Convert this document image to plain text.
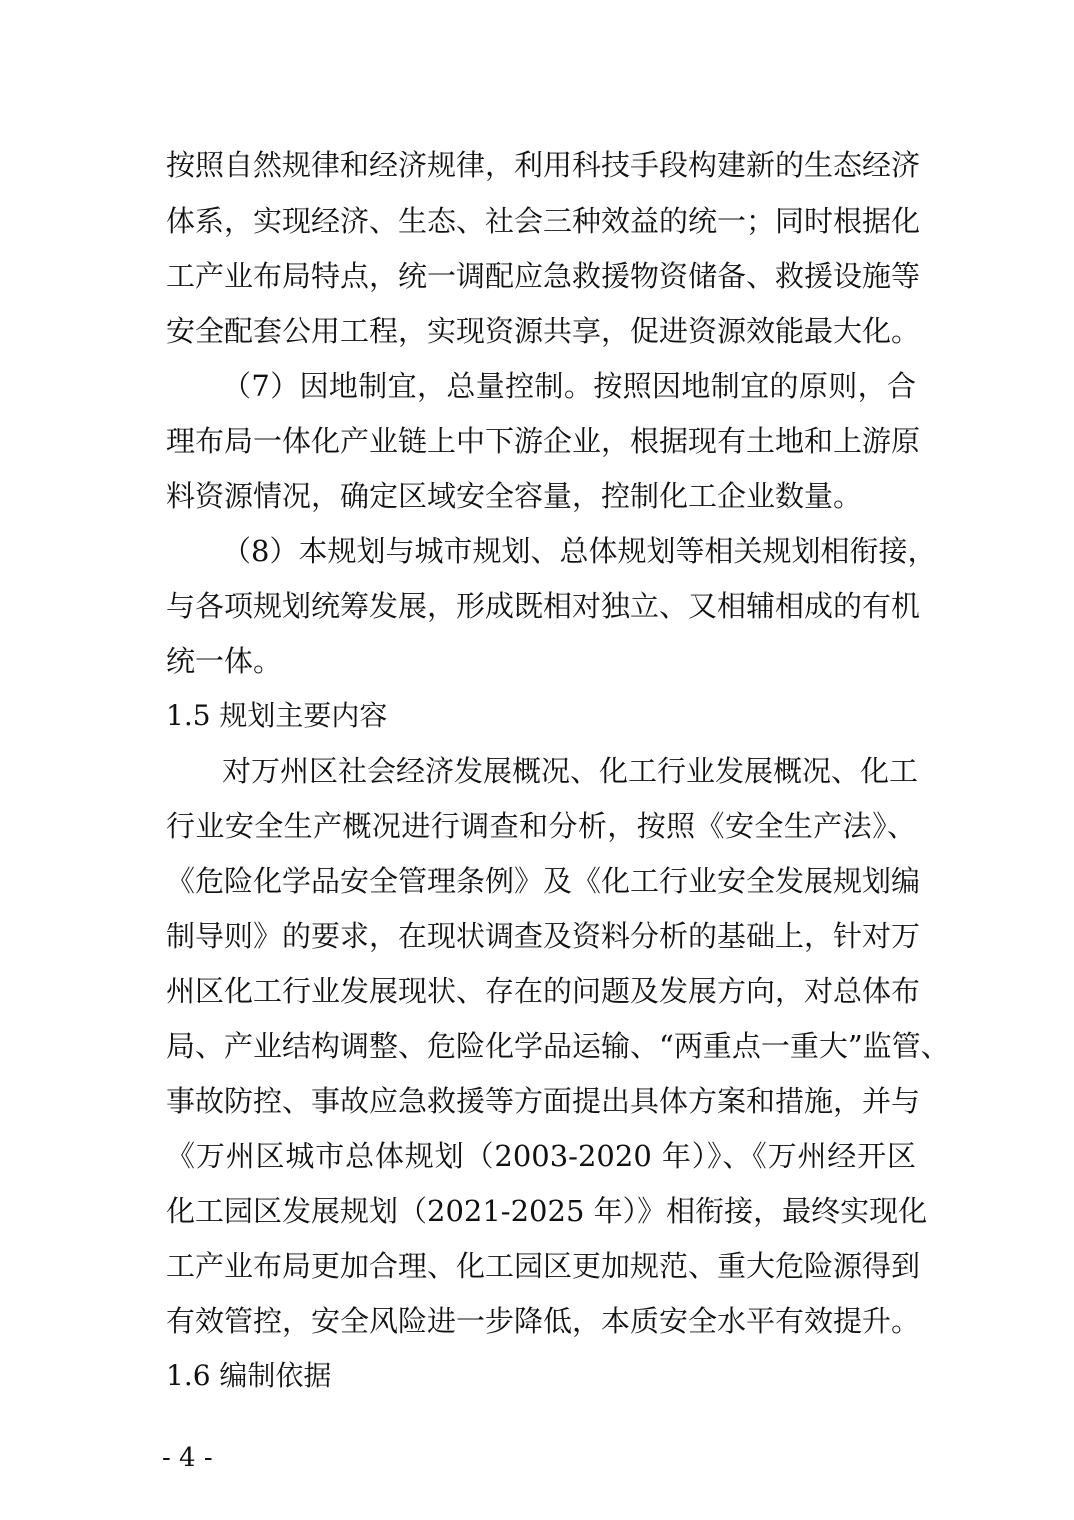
按照自然规律和经济规律，利用科技手段构建新的生态经济
体系，实现经济、生态、社会三种效益的统一；同时根据化
工产业布局特点，统一调配应急救援物资储备、救援设施等
安全配套公用工程，实现资源共享，促进资源效能最大化。
（7）因地制宜，总量控制。按照因地制宜的原则，合
理布局一体化产业链上中下游企业，根据现有土地和上游原
料资源情况，确定区域安全容量，控制化工企业数量。
（8）本规划与城市规划、总体规划等相关规划相衔接，
与各项规划统筹发展，形成既相对独立、又相辅相成的有机
统一体。
1.5 规划主要内容
对万州区社会经济发展概况、化工行业发展概况、化工
行业安全生产概况进行调查和分析，按照《安全生产法》、
《危险化学品安全管理条例》及《化工行业安全发展规划编
制导则》的要求，在现状调查及资料分析的基础上，针对万
州区化工行业发展现状、存在的问题及发展方向，对总体布
局、产业结构调整、危险化学品运输、“两重点一重大”监管、
事故防控、事故应急救援等方面提出具体方案和措施，并与
《万州区城市总体规划（2003-2020 年）》、《万州经开区
化工园区发展规划（2021-2025 年）》相衔接，最终实现化
工产业布局更加合理、化工园区更加规范、重大危险源得到
有效管控，安全风险进一步降低，本质安全水平有效提升。
1.6 编制依据
- 4 -
